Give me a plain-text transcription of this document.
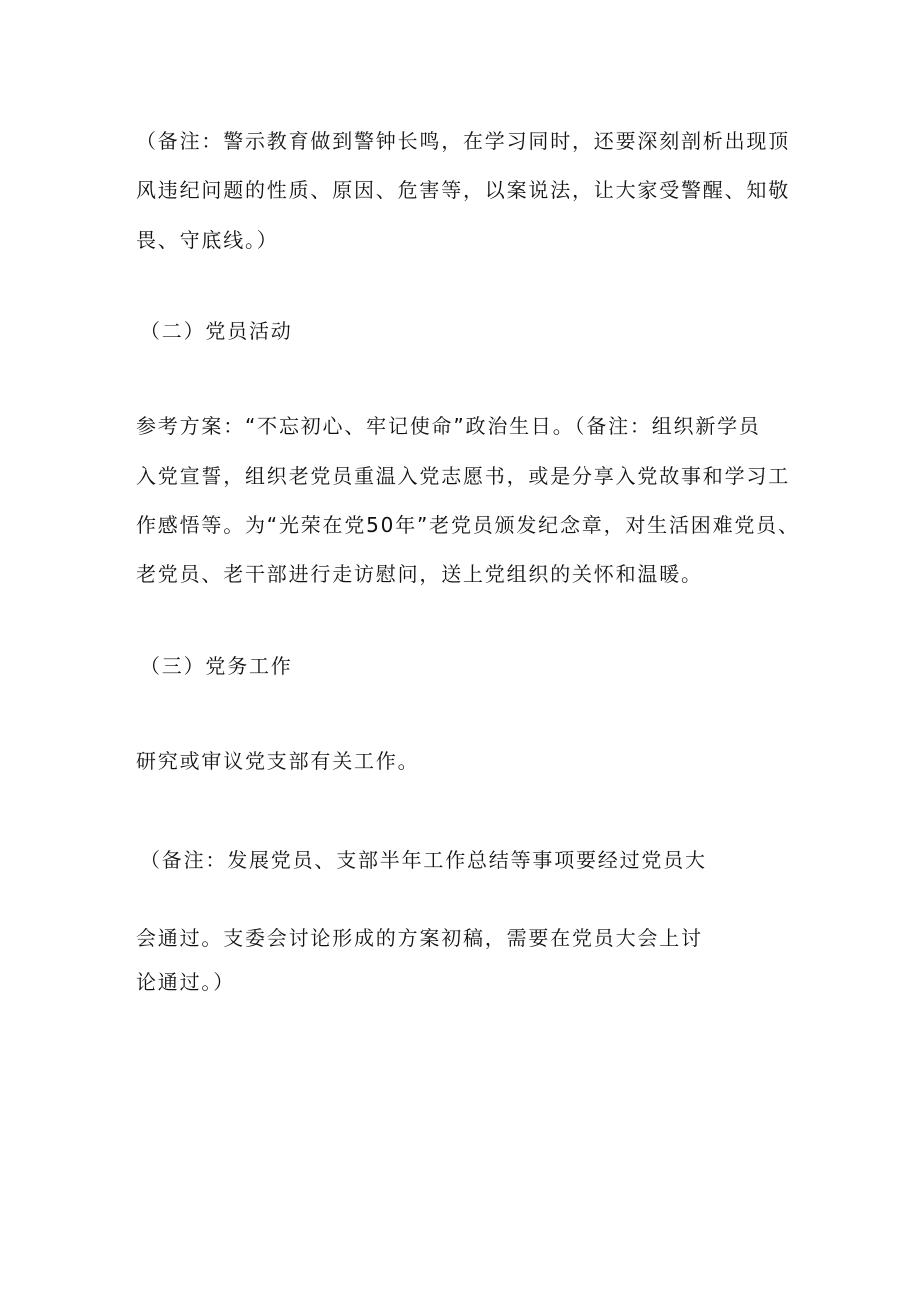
（备注：警示教育做到警钟长鸣，在学习同时，还要深刻剖析出现顶
风违纪问题的性质、原因、危害等，以案说法，让大家受警醒、知敬
畏、守底线。）
（二）党员活动
参考方案：“不忘初心、牢记使命”政治生日。（备注：组织新学员
入党宣誓，组织老党员重温入党志愿书，或是分享入党故事和学习工
作感悟等。为“光荣在党50年”老党员颁发纪念章，对生活困难党员、
老党员、老干部进行走访慰问，送上党组织的关怀和温暖。
（三）党务工作
研究或审议党支部有关工作。
（备注：发展党员、支部半年工作总结等事项要经过党员大
会通过。支委会讨论形成的方案初稿，需要在党员大会上讨
论通过。）
